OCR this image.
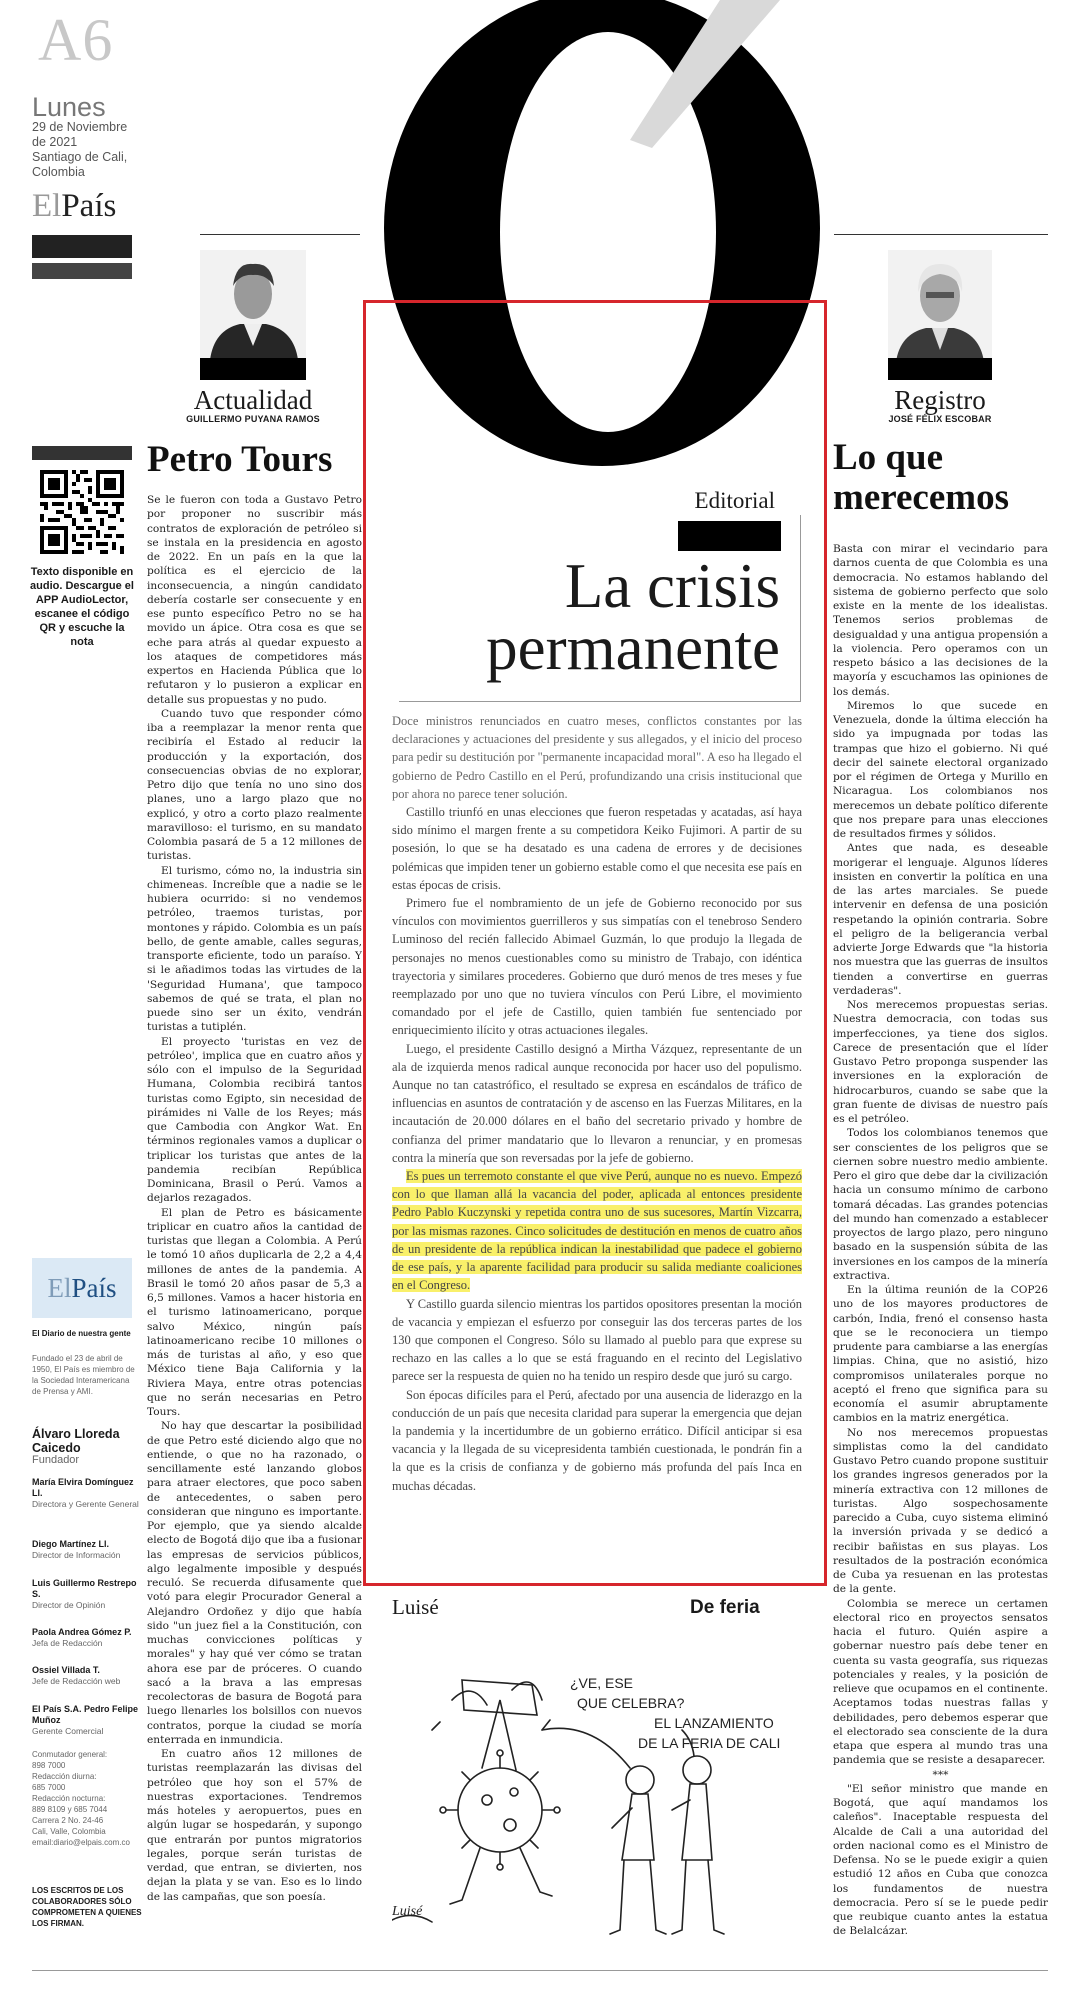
A6
Lunes
29 de Noviembre
de 2021
Santiago de Cali,
Colombia
ElPaís
Actualidad
GUILLERMO PUYANA RAMOS
Registro
JOSÉ FÉLIX ESCOBAR
Texto disponible en audio. Descargue el APP AudioLector, escanee el código QR y escuche la nota
El País
El Diario de nuestra gente
Fundado el 23 de abril de 1950, El País es miembro de la Sociedad Interamericana de Prensa y AMI.
Álvaro Lloreda Caicedo
Fundador
María Elvira Domínguez Ll.
Directora y Gerente General
Diego Martínez Ll.
Director de Información
Luis Guillermo Restrepo S.
Director de Opinión
Paola Andrea Gómez P.
Jefa de Redacción
Ossiel Villada T.
Jefe de Redacción web
El País S.A. Pedro Felipe Muñoz
Gerente Comercial
Conmutador general:
898 7000
Redacción diurna:
685 7000
Redacción nocturna:
889 8109 y 685 7044
Carrera 2 No. 24-46
Cali, Valle, Colombia
email:diario@elpais.com.co
LOS ESCRITOS DE LOS COLABORADORES SÓLO COMPROMETEN A QUIENES LOS FIRMAN.
Petro Tours

Se le fueron con toda a Gustavo Petro por proponer no suscribir más contratos de exploración de petróleo si se instala en la presidencia en agosto de 2022. En un país en la que la política es el ejercicio de la inconsecuencia, a ningún candidato debería costarle ser consecuente y en ese punto específico Petro no se ha movido un ápice. Otra cosa es que se eche para atrás al quedar expuesto a los ataques de competidores más expertos en Hacienda Pública que lo refutaron y lo pusieron a explicar en detalle sus propuestas y no pudo.

Cuando tuvo que responder cómo iba a reemplazar la menor renta que recibiría el Estado al reducir la producción y la exportación, dos consecuencias obvias de no explorar, Petro dijo que tenía no uno sino dos planes, uno a largo plazo que no explicó, y otro a corto plazo realmente maravilloso: el turismo, en su mandato Colombia pasará de 5 a 12 millones de turistas.

El turismo, cómo no, la industria sin chimeneas. Increíble que a nadie se le hubiera ocurrido: si no vendemos petróleo, traemos turistas, por montones y rápido. Colombia es un país bello, de gente amable, calles seguras, transporte eficiente, todo un paraíso. Y si le añadimos todas las virtudes de la 'Seguridad Humana', que tampoco sabemos de qué se trata, el plan no puede sino ser un éxito, vendrán turistas a tutiplén.

El proyecto 'turistas en vez de petróleo', implica que en cuatro años y sólo con el impulso de la Seguridad Humana, Colombia recibirá tantos turistas como Egipto, sin necesidad de pirámides ni Valle de los Reyes; más que Cambodia con Angkor Wat. En términos regionales vamos a duplicar o triplicar los turistas que antes de la pandemia recibían República Dominicana, Brasil o Perú. Vamos a dejarlos rezagados.

El plan de Petro es básicamente triplicar en cuatro años la cantidad de turistas que llegan a Colombia. A Perú le tomó 10 años duplicarla de 2,2 a 4,4 millones de antes de la pandemia. A Brasil le tomó 20 años pasar de 5,3 a 6,5 millones. Vamos a hacer historia en el turismo latinoamericano, porque salvo México, ningún país latinoamericano recibe 10 millones o más de turistas al año, y eso que México tiene Baja California y la Riviera Maya, entre otras potencias que no serán necesarias en Petro Tours.

No hay que descartar la posibilidad de que Petro esté diciendo algo que no entiende, o que no ha razonado, o sencillamente esté lanzando globos para atraer electores, que poco saben de antecedentes, o saben pero consideran que ninguno es importante. Por ejemplo, que ya siendo alcalde electo de Bogotá dijo que iba a fusionar las empresas de servicios públicos, algo legalmente imposible y después reculó. Se recuerda difusamente que votó para elegir Procurador General a Alejandro Ordoñez y dijo que había sido "un juez fiel a la Constitución, con muchas convicciones políticas y morales" y hay qué ver cómo se tratan ahora ese par de próceres. O cuando sacó a la brava a las empresas recolectoras de basura de Bogotá para luego llenarles los bolsillos con nuevos contratos, porque la ciudad se moría enterrada en inmundicia.

En cuatro años 12 millones de turistas reemplazarán las divisas del petróleo que hoy son el 57% de nuestras exportaciones. Tendremos más hoteles y aeropuertos, pues en algún lugar se hospedarán, y supongo que entrarán por puntos migratorios legales, porque serán turistas de verdad, que entran, se divierten, nos dejan la plata y se van. Eso es lo lindo de las campañas, que son poesía.

Editorial
La crisis
permanente

Doce ministros renunciados en cuatro meses, conflictos constantes por las declaraciones y actuaciones del presidente y sus allegados, y el inicio del proceso para pedir su destitución por "permanente incapacidad moral". A eso ha llegado el gobierno de Pedro Castillo en el Perú, profundizando una crisis institucional que por ahora no parece tener solución.

Castillo triunfó en unas elecciones que fueron respetadas y acatadas, así haya sido mínimo el margen frente a su competidora Keiko Fujimori. A partir de su posesión, lo que se ha desatado es una cadena de errores y de decisiones polémicas que impiden tener un gobierno estable como el que necesita ese país en estas épocas de crisis.

Primero fue el nombramiento de un jefe de Gobierno reconocido por sus vínculos con movimientos guerrilleros y sus simpatías con el tenebroso Sendero Luminoso del recién fallecido Abimael Guzmán, lo que produjo la llegada de personajes no menos cuestionables como su ministro de Trabajo, con idéntica trayectoria y similares procederes. Gobierno que duró menos de tres meses y fue reemplazado por uno que no tuviera vínculos con Perú Libre, el movimiento comandado por el jefe de Castillo, quien también fue sentenciado por enriquecimiento ilícito y otras actuaciones ilegales.

Luego, el presidente Castillo designó a Mirtha Vázquez, representante de un ala de izquierda menos radical aunque reconocida por hacer uso del populismo. Aunque no tan catastrófico, el resultado se expresa en escándalos de tráfico de influencias en asuntos de contratación y de ascenso en las Fuerzas Militares, en la incautación de 20.000 dólares en el baño del secretario privado y hombre de confianza del primer mandatario que lo llevaron a renunciar, y en promesas contra la minería que son reversadas por la jefe de gobierno.

Es pues un terremoto constante el que vive Perú, aunque no es nuevo. Empezó con lo que llaman allá la vacancia del poder, aplicada al entonces presidente Pedro Pablo Kuczynski y repetida contra uno de sus sucesores, Martín Vizcarra, por las mismas razones. Cinco solicitudes de destitución en menos de cuatro años de un presidente de la república indican la inestabilidad que padece el gobierno de ese país, y la aparente facilidad para producir su salida mediante coaliciones en el Congreso.

Y Castillo guarda silencio mientras los partidos opositores presentan la moción de vacancia y empiezan el esfuerzo por conseguir las dos terceras partes de los 130 que componen el Congreso. Sólo su llamado al pueblo para que exprese su rechazo en las calles a lo que se está fraguando en el recinto del Legislativo parece ser la respuesta de quien no ha tenido un respiro desde que juró su cargo.

Son épocas difíciles para el Perú, afectado por una ausencia de liderazgo en la conducción de un país que necesita claridad para superar la emergencia que dejan la pandemia y la incertidumbre de un gobierno errático. Difícil anticipar si esa vacancia y la llegada de su vicepresidenta también cuestionada, le pondrán fin a la que es la crisis de confianza y de gobierno más profunda del país Inca en muchas décadas.

Luisé	De feria
¿VE, ESE
QUE CELEBRA?
EL LANZAMIENTO
DE LA FERIA DE CALI
Luisé
Lo que
merecemos

Basta con mirar el vecindario para darnos cuenta de que Colombia es una democracia. No estamos hablando del sistema de gobierno perfecto que solo existe en la mente de los idealistas. Tenemos serios problemas de desigualdad y una antigua propensión a la violencia. Pero operamos con un respeto básico a las decisiones de la mayoría y escuchamos las opiniones de los demás.

Miremos lo que sucede en Venezuela, donde la última elección ha sido ya impugnada por todas las trampas que hizo el gobierno. Ni qué decir del sainete electoral organizado por el régimen de Ortega y Murillo en Nicaragua. Los colombianos nos merecemos un debate político diferente que nos prepare para unas elecciones de resultados firmes y sólidos.

Antes que nada, es deseable morigerar el lenguaje. Algunos líderes insisten en convertir la política en una de las artes marciales. Se puede intervenir en defensa de una posición respetando la opinión contraria. Sobre el peligro de la beligerancia verbal advierte Jorge Edwards que "la historia nos muestra que las guerras de insultos tienden a convertirse en guerras verdaderas".

Nos merecemos propuestas serias. Nuestra democracia, con todas sus imperfecciones, ya tiene dos siglos. Carece de presentación que el líder Gustavo Petro proponga suspender las inversiones en la exploración de hidrocarburos, cuando se sabe que la gran fuente de divisas de nuestro país es el petróleo.

Todos los colombianos tenemos que ser conscientes de los peligros que se ciernen sobre nuestro medio ambiente. Pero el giro que debe dar la civilización hacia un consumo mínimo de carbono tomará décadas. Las grandes potencias del mundo han comenzado a establecer proyectos de largo plazo, pero ninguno basado en la suspensión súbita de las inversiones en los campos de la minería extractiva.

En la última reunión de la COP26 uno de los mayores productores de carbón, India, frenó el consenso hasta que se le reconociera un tiempo prudente para cambiarse a las energías limpias. China, que no asistió, hizo compromisos unilaterales porque no aceptó el freno que significa para su economía el asumir abruptamente cambios en la matriz energética.

No nos merecemos propuestas simplistas como la del candidato Gustavo Petro cuando propone sustituir los grandes ingresos generados por la minería extractiva con 12 millones de turistas. Algo sospechosamente parecido a Cuba, cuyo sistema eliminó la inversión privada y se dedicó a recibir bañistas en sus playas. Los resultados de la postración económica de Cuba ya resuenan en las protestas de la gente.

Colombia se merece un certamen electoral rico en proyectos sensatos hacia el futuro. Quién aspire a gobernar nuestro país debe tener en cuenta su vasta geografía, sus riquezas potenciales y reales, y la posición de relieve que ocupamos en el continente. Aceptamos todas nuestras fallas y debilidades, pero debemos esperar que el electorado sea consciente de la dura etapa que espera al mundo tras una pandemia que se resiste a desaparecer.

***

"El señor ministro que mande en Bogotá, que aquí mandamos los caleños". Inaceptable respuesta del Alcalde de Cali a una autoridad del orden nacional como es el Ministro de Defensa. No se le puede exigir a quien estudió 12 años en Cuba que conozca los fundamentos de nuestra democracia. Pero sí se le puede pedir que reubique cuanto antes la estatua de Belalcázar.
